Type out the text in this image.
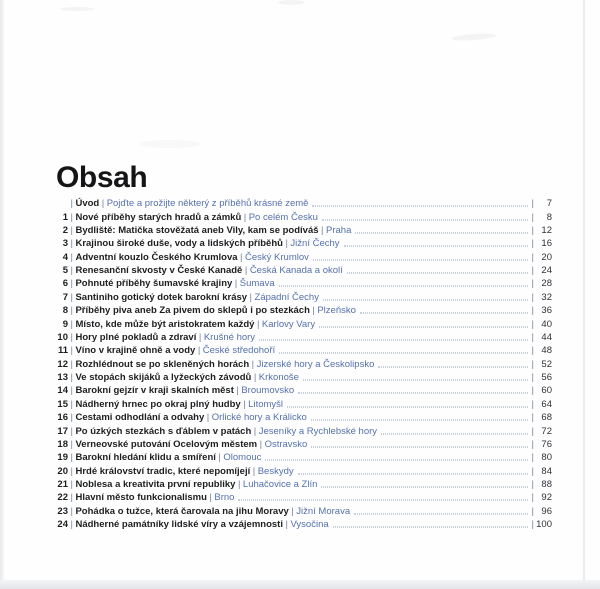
Obsah
| Úvod | Pojďte a prožijte některý z příběhů krásné země	|	7
1 | Nové příběhy starých hradů a zámků | Po celém Česku	|	8
2 | Bydliště: Matička stověžatá aneb Vily, kam se podíváš | Praha	| 12
3 | Krajinou široké duše, vody a lidských příběhů | Jižní Čechy	| 16
4 | Adventní kouzlo Českého Krumlova | Český Krumlov	| 20
5 | Renesanční skvosty v České Kanadě | Česká Kanada a okolí	| 24
6 | Pohnuté příběhy šumavské krajiny | Šumava	| 28
7 | Santiniho gotický dotek barokní krásy | Západní Čechy	| 32
8 | Příběhy piva aneb Za pivem do sklepů i po stezkách | Plzeňsko	| 36
9 | Místo, kde může být aristokratem každý | Karlovy Vary	| 40
10 | Hory plné pokladů a zdraví | Krušné hory	| 44
11 | Víno v krajině ohně a vody | České středohoří	| 48
12 | Rozhlédnout se po skleněných horách | Jizerské hory a Českolipsko	| 52
13 | Ve stopách skijáků a lyžeckých závodů | Krkonoše	| 56
14 | Barokní gejzír v kraji skalních měst | Broumovsko	| 60
15 | Nádherný hrnec po okraj plný hudby | Litomyšl	| 64
16 | Cestami odhodlání a odvahy | Orlické hory a Králicko	| 68
17 | Po úzkých stezkách s ďáblem v patách | Jeseníky a Rychlebské hory	| 72
18 | Verneovské putování Ocelovým městem | Ostravsko	| 76
19 | Barokní hledání klidu a smíření | Olomouc	| 80
20 | Hrdé království tradic, které nepomíjejí | Beskydy	| 84
21 | Noblesa a kreativita první republiky | Luhačovice a Zlín	| 88
22 | Hlavní město funkcionalismu | Brno	| 92
23 | Pohádka o tužce, která čarovala na jihu Moravy | Jižní Morava	| 96
24 | Nádherné památníky lidské víry a vzájemnosti | Vysočina	| 100
